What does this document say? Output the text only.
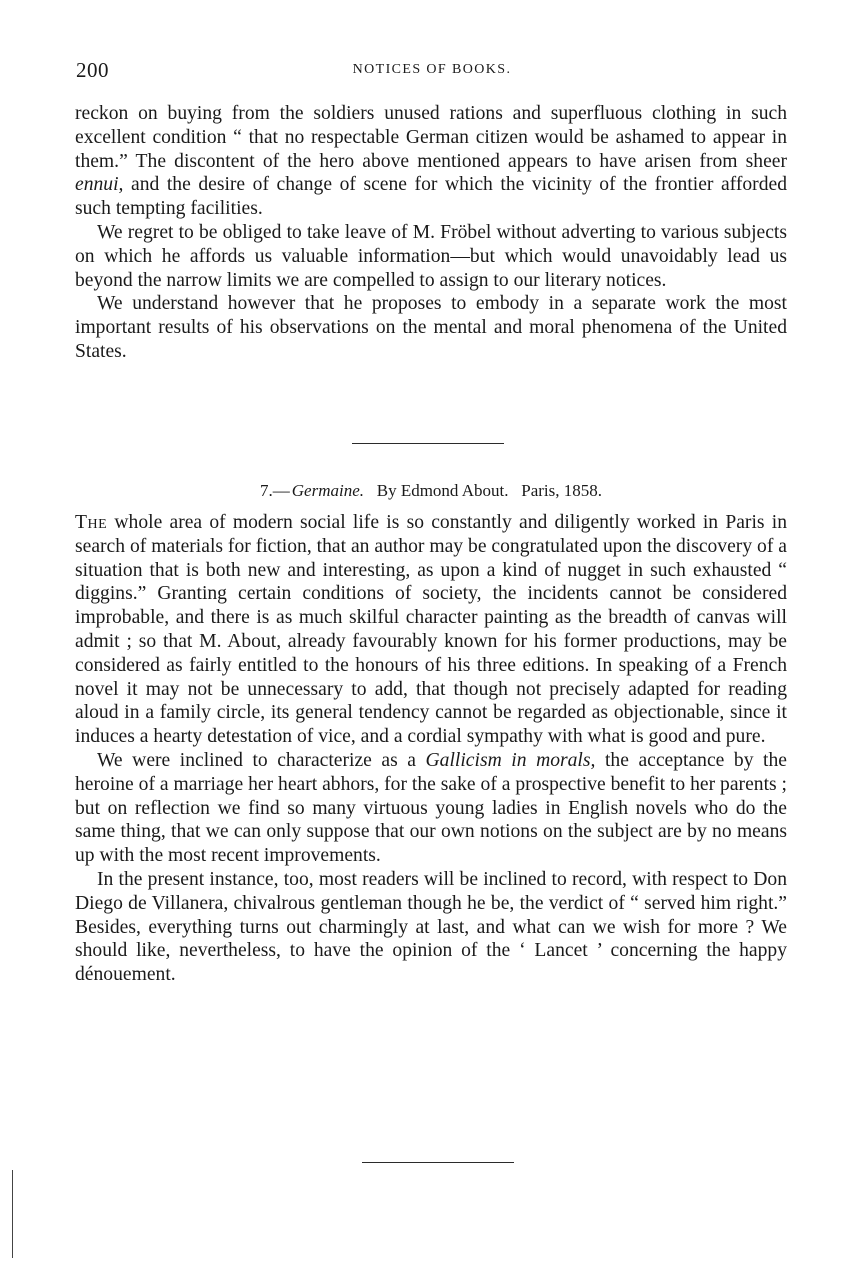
200	NOTICES OF BOOKS.

reckon on buying from the soldiers unused rations and superfluous clothing in such excellent condition “ that no respectable German citizen would be ashamed to appear in them.” The discontent of the hero above mentioned appears to have arisen from sheer ennui, and the desire of change of scene for which the vicinity of the frontier afforded such tempting facilities.

We regret to be obliged to take leave of M. Fröbel without adverting to various subjects on which he affords us valuable information—but which would unavoidably lead us beyond the narrow limits we are compelled to assign to our literary notices.

We understand however that he proposes to embody in a separate work the most important results of his observations on the mental and moral phenomena of the United States.

7.— Germaine. By Edmond About. Paris, 1858.

The whole area of modern social life is so constantly and diligently worked in Paris in search of materials for fiction, that an author may be congratulated upon the discovery of a situation that is both new and interesting, as upon a kind of nugget in such exhausted “ diggins.” Granting certain conditions of society, the incidents cannot be considered improbable, and there is as much skilful character painting as the breadth of canvas will admit ; so that M. About, already favourably known for his former productions, may be considered as fairly entitled to the honours of his three editions. In speaking of a French novel it may not be unnecessary to add, that though not precisely adapted for reading aloud in a family circle, its general tendency cannot be regarded as objectionable, since it induces a hearty detestation of vice, and a cordial sympathy with what is good and pure.

We were inclined to characterize as a Gallicism in morals, the acceptance by the heroine of a marriage her heart abhors, for the sake of a prospective benefit to her parents ; but on reflection we find so many virtuous young ladies in English novels who do the same thing, that we can only suppose that our own notions on the subject are by no means up with the most recent improvements.

In the present instance, too, most readers will be inclined to record, with respect to Don Diego de Villanera, chivalrous gentleman though he be, the verdict of “ served him right.” Besides, everything turns out charmingly at last, and what can we wish for more ? We should like, nevertheless, to have the opinion of the ‘ Lancet ’ concerning the happy dénouement.
